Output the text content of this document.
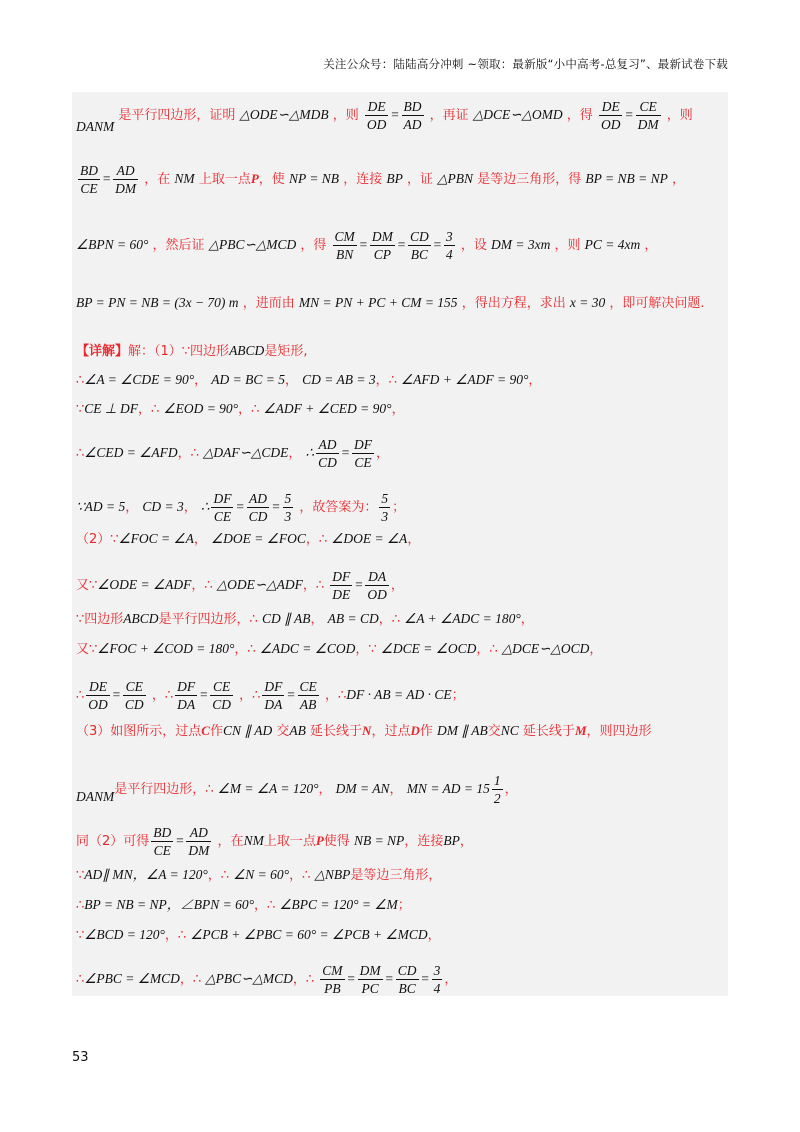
关注公众号：陆陆高分冲刺 ~领取：最新版“小中高考-总复习”、最新试卷下载
DANM 是平行四边形，证明 △ODE∽△MDB ，则 $\frac{DE}{OD} = \frac{BD}{AD}$ ，再证 △DCE∽△OMD ，得 $\frac{DE}{OD} = \frac{CE}{DM}$ ，则
$\frac{BD}{CE} = \frac{AD}{DM}$ ，在 NM 上取一点P，使 NP = NB ，连接 BP ，证 △PBN 是等边三角形，得 BP = NB = NP ，
∠BPN = 60° ，然后证 △PBC∽△MCD ，得 $\frac{CM}{BN} = \frac{DM}{CP} = \frac{CD}{BC} = \frac{3}{4}$ ，设 DM = 3xm ，则 PC = 4xm ，
BP = PN = NB = (3x − 70) m ，进而由 MN = PN + PC + CM = 155 ，得出方程，求出 x = 30 ，即可解决问题.
【详解】解：（1）∵四边形ABCD是矩形,
∴∠A = ∠CDE = 90°， AD = BC = 5， CD = AB = 3，∴ ∠AFD + ∠ADF = 90°，
∵CE ⊥ DF，∴ ∠EOD = 90°，∴ ∠ADF + ∠CED = 90°，
∴∠CED = ∠AFD，∴ △DAF∽△CDE， ∴ $\frac{AD}{CD} = \frac{DF}{CE}$ ，
∵AD = 5， CD = 3， ∴ $\frac{DF}{CE} = \frac{AD}{CD} = \frac{5}{3}$ ，故答案为： $\frac{5}{3}$ ；
（2）∵∠FOC = ∠A， ∠DOE = ∠FOC，∴ ∠DOE = ∠A，
又∵∠ODE = ∠ADF，∴ △ODE∽△ADF，∴ $\frac{DF}{DE} = \frac{DA}{OD}$ ，
∵四边形ABCD是平行四边形，∴ CD ∥ AB， AB = CD，∴ ∠A + ∠ADC = 180°，
又∵∠FOC + ∠COD = 180°，∴ ∠ADC = ∠COD，∵ ∠DCE = ∠OCD，∴ △DCE∽△OCD，
∴ $\frac{DE}{OD} = \frac{CE}{CD}$ ，∴ $\frac{DF}{DA} = \frac{CE}{CD}$ ，∴ $\frac{DF}{DA} = \frac{CE}{AB}$ ，∴DF · AB = AD · CE；
（3）如图所示，过点C作CN ∥ AD 交AB 延长线于N，过点D作 DM ∥ AB交NC 延长线于M，则四边形
DANM是平行四边形，∴ ∠M = ∠A = 120°， DM = AN， MN = AD = $15 \frac{1}{2}$ ，
同（2）可得 $\frac{BD}{CE} = \frac{AD}{DM}$ ，在NM上取一点P使得 NB = NP，连接BP，
∵AD∥ MN，∠A = 120°，∴ ∠N = 60°，∴ △NBP是等边三角形，
∴BP = NB = NP，∠BPN = 60°，∴ ∠BPC = 120° = ∠M；
∵∠BCD = 120°，∴ ∠PCB + ∠PBC = 60° = ∠PCB + ∠MCD，
∴∠PBC = ∠MCD，∴ △PBC∽△MCD，∴ $\frac{CM}{PB} = \frac{DM}{PC} = \frac{CD}{BC} = \frac{3}{4}$ ，
53
